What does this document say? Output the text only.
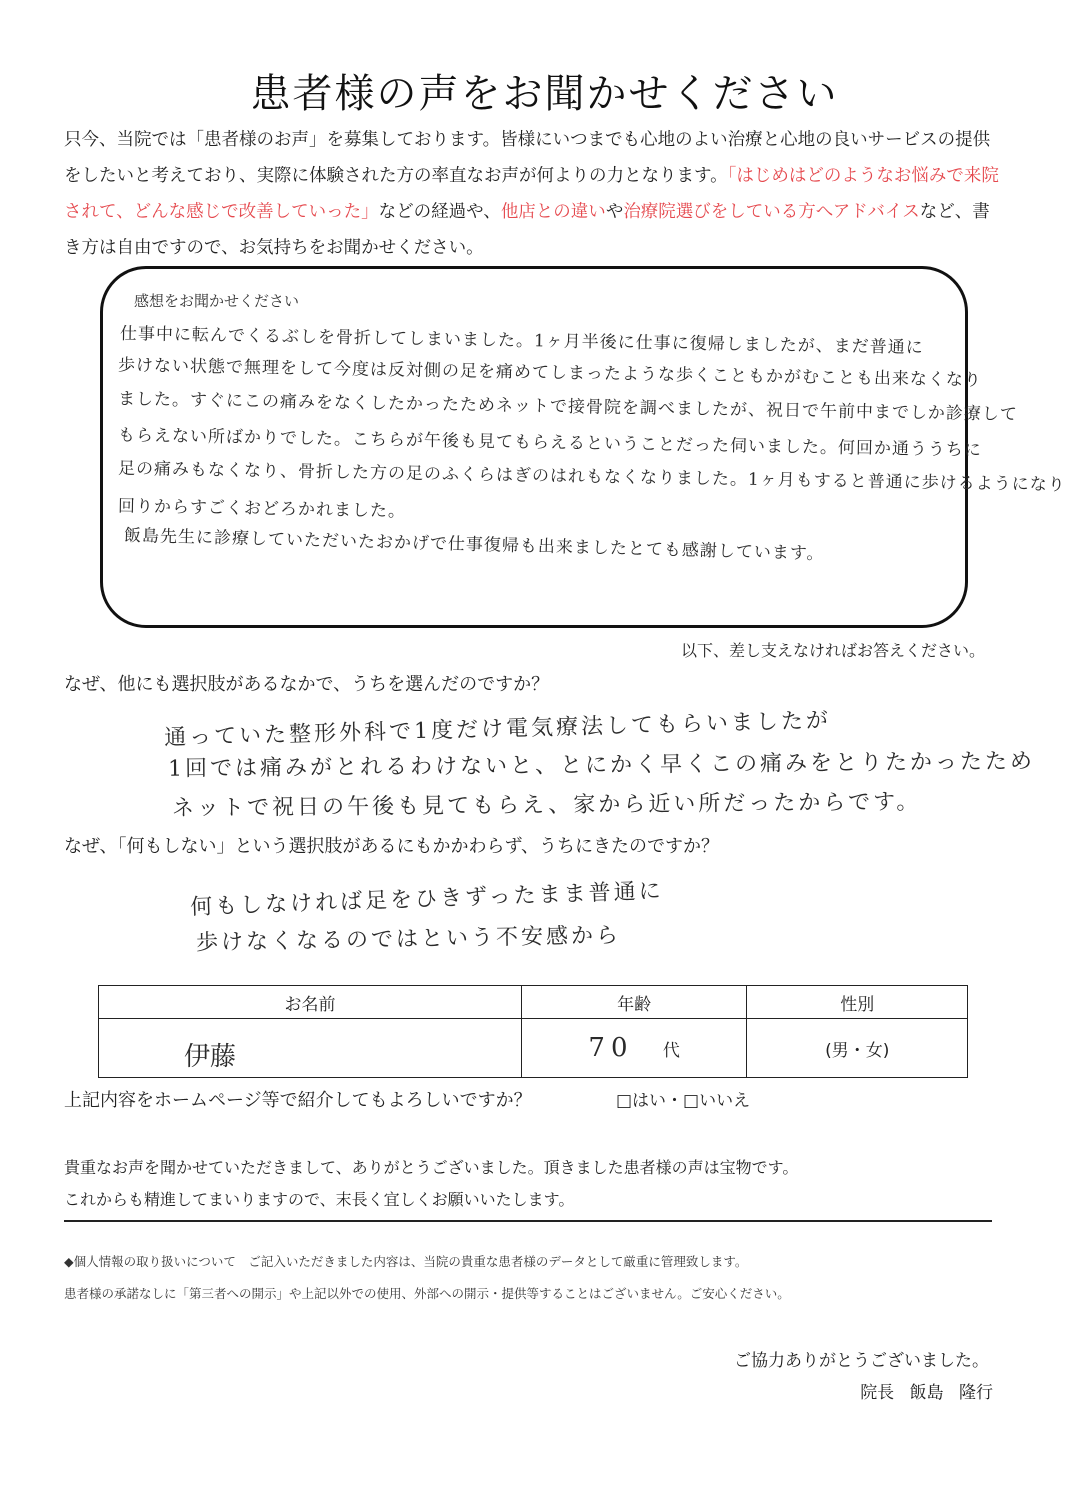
患者様の声をお聞かせください
只今、当院では「患者様のお声」を募集しております。皆様にいつまでも心地のよい治療と心地の良いサービスの提供をしたいと考えており、実際に体験された方の率直なお声が何よりの力となります。「はじめはどのようなお悩みで来院されて、どんな感じで改善していった」などの経過や、他店との違いや治療院選びをしている方へアドバイスなど、書き方は自由ですので、お気持ちをお聞かせください。
感想をお聞かせください
仕事中に転んでくるぶしを骨折してしまいました。1ヶ月半後に仕事に復帰しましたが、まだ普通に
歩けない状態で無理をして今度は反対側の足を痛めてしまったような歩くこともかがむことも出来なくなり
ました。すぐにこの痛みをなくしたかったためネットで接骨院を調べましたが、祝日で午前中までしか診療して
もらえない所ばかりでした。こちらが午後も見てもらえるということだった伺いました。何回か通ううちに
足の痛みもなくなり、骨折した方の足のふくらはぎのはれもなくなりました。1ヶ月もすると普通に歩けるようになり
回りからすごくおどろかれました。
飯島先生に診療していただいたおかげで仕事復帰も出来ましたとても感謝しています。
以下、差し支えなければお答えください。
なぜ、他にも選択肢があるなかで、うちを選んだのですか？
通っていた整形外科で1度だけ電気療法してもらいましたが
1回では痛みがとれるわけないと、とにかく早くこの痛みをとりたかったため
ネットで祝日の午後も見てもらえ、家から近い所だったからです。
なぜ、「何もしない」という選択肢があるにもかかわらず、うちにきたのですか？
何もしなければ足をひきずったまま普通に
歩けなくなるのではという不安感から
お名前	年齢	性別
伊藤	70 代	(男・女)
上記内容をホームページ等で紹介してもよろしいですか？	□はい・□いいえ
貴重なお声を聞かせていただきまして、ありがとうございました。頂きました患者様の声は宝物です。
これからも精進してまいりますので、末長く宜しくお願いいたします。
◆個人情報の取り扱いについて　ご記入いただきました内容は、当院の貴重な患者様のデータとして厳重に管理致します。
患者様の承諾なしに「第三者への開示」や上記以外での使用、外部への開示・提供等することはございません。ご安心ください。
ご協力ありがとうございました。
院長 飯島 隆行
